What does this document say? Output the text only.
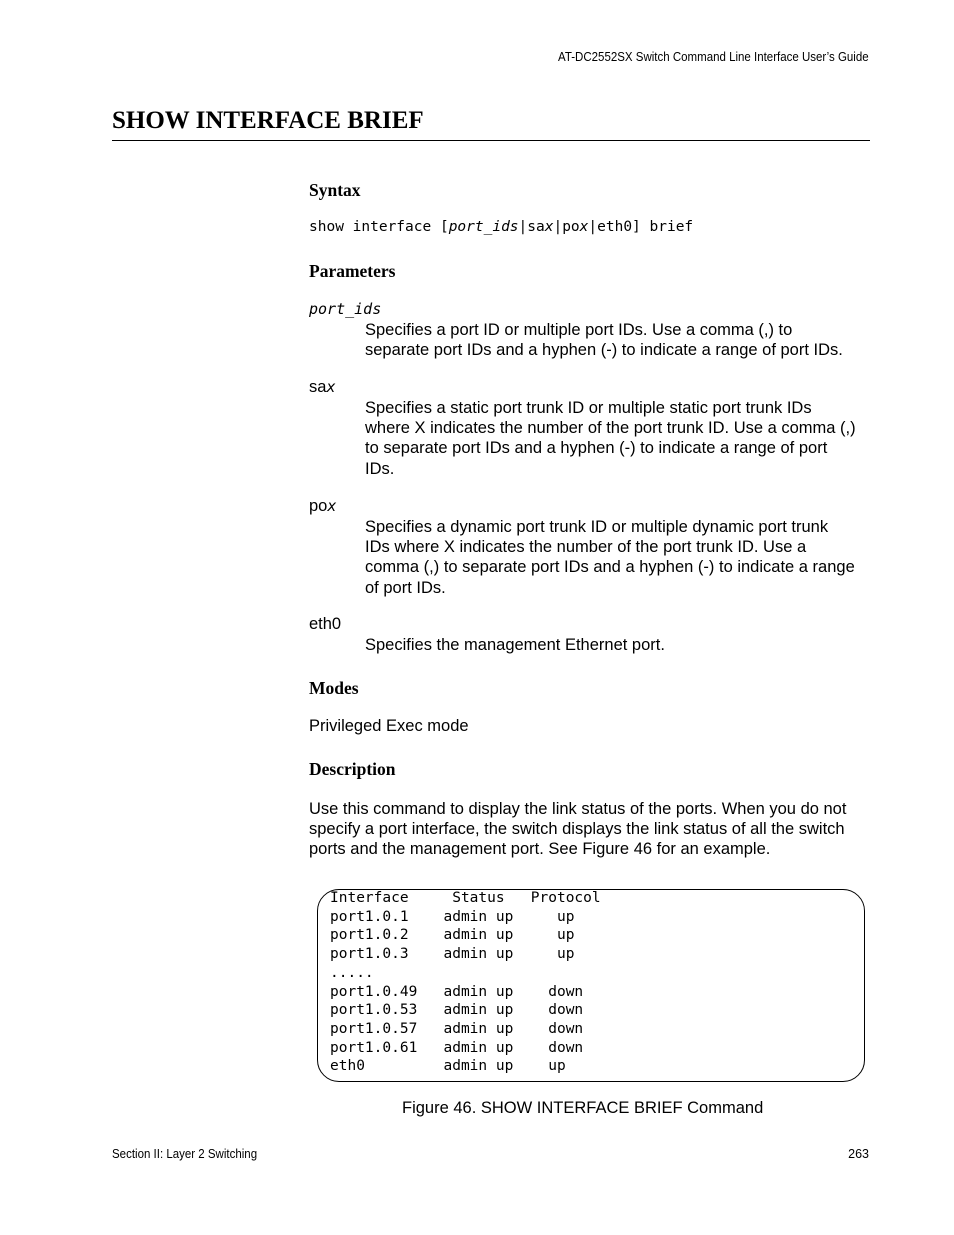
AT-DC2552SX Switch Command Line Interface User’s Guide
SHOW INTERFACE BRIEF
Syntax
show interface [port_ids|sax|pox|eth0] brief
Parameters
port_ids
Specifies a port ID or multiple port IDs. Use a comma (,) to
separate port IDs and a hyphen (-) to indicate a range of port IDs.
sax
Specifies a static port trunk ID or multiple static port trunk IDs
where X indicates the number of the port trunk ID. Use a comma (,)
to separate port IDs and a hyphen (-) to indicate a range of port
IDs.
pox
Specifies a dynamic port trunk ID or multiple dynamic port trunk
IDs where X indicates the number of the port trunk ID. Use a
comma (,) to separate port IDs and a hyphen (-) to indicate a range
of port IDs.
eth0
Specifies the management Ethernet port.
Modes
Privileged Exec mode
Description
Use this command to display the link status of the ports. When you do not
specify a port interface, the switch displays the link status of all the switch
ports and the management port. See Figure 46 for an example.
Interface     Status   Protocol
port1.0.1    admin up     up
port1.0.2    admin up     up
port1.0.3    admin up     up
.....
port1.0.49   admin up    down
port1.0.53   admin up    down
port1.0.57   admin up    down
port1.0.61   admin up    down
eth0         admin up    up
Figure 46. SHOW INTERFACE BRIEF Command
Section II: Layer 2 Switching	263
